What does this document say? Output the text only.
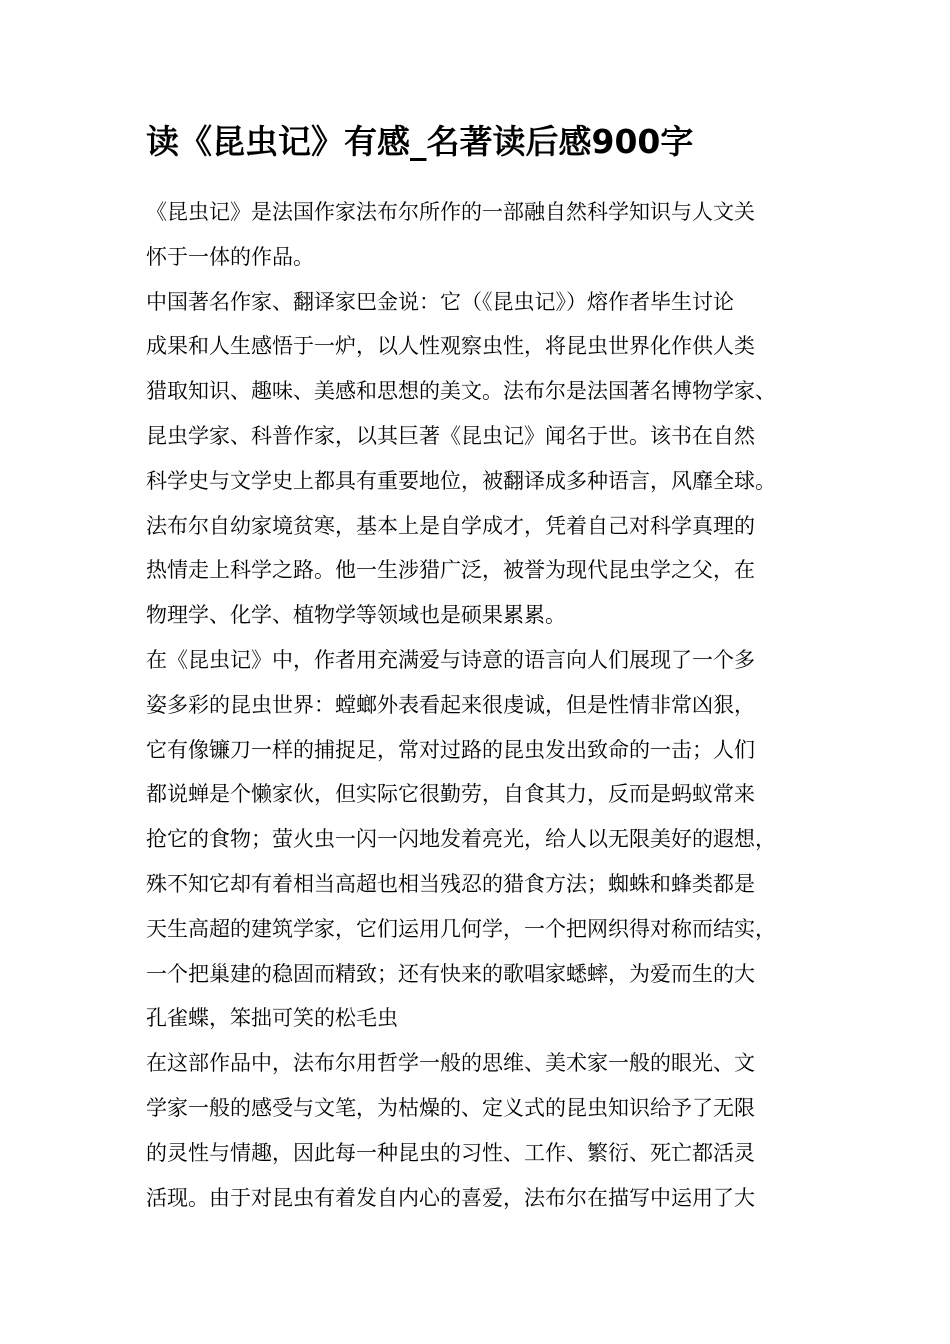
读《昆虫记》有感_名著读后感900字
《昆虫记》是法国作家法布尔所作的一部融自然科学知识与人文关
怀于一体的作品。
中国著名作家、翻译家巴金说：它（《昆虫记》）熔作者毕生讨论
成果和人生感悟于一炉，以人性观察虫性，将昆虫世界化作供人类
猎取知识、趣味、美感和思想的美文。法布尔是法国著名博物学家、
昆虫学家、科普作家，以其巨著《昆虫记》闻名于世。该书在自然
科学史与文学史上都具有重要地位，被翻译成多种语言，风靡全球。
法布尔自幼家境贫寒，基本上是自学成才，凭着自己对科学真理的
热情走上科学之路。他一生涉猎广泛，被誉为现代昆虫学之父，在
物理学、化学、植物学等领域也是硕果累累。
在《昆虫记》中，作者用充满爱与诗意的语言向人们展现了一个多
姿多彩的昆虫世界：螳螂外表看起来很虔诚，但是性情非常凶狠，
它有像镰刀一样的捕捉足，常对过路的昆虫发出致命的一击；人们
都说蝉是个懒家伙，但实际它很勤劳，自食其力，反而是蚂蚁常来
抢它的食物；萤火虫一闪一闪地发着亮光，给人以无限美好的遐想，
殊不知它却有着相当高超也相当残忍的猎食方法；蜘蛛和蜂类都是
天生高超的建筑学家，它们运用几何学，一个把网织得对称而结实，
一个把巢建的稳固而精致；还有快来的歌唱家蟋蟀，为爱而生的大
孔雀蝶，笨拙可笑的松毛虫
在这部作品中，法布尔用哲学一般的思维、美术家一般的眼光、文
学家一般的感受与文笔，为枯燥的、定义式的昆虫知识给予了无限
的灵性与情趣，因此每一种昆虫的习性、工作、繁衍、死亡都活灵
活现。由于对昆虫有着发自内心的喜爱，法布尔在描写中运用了大
